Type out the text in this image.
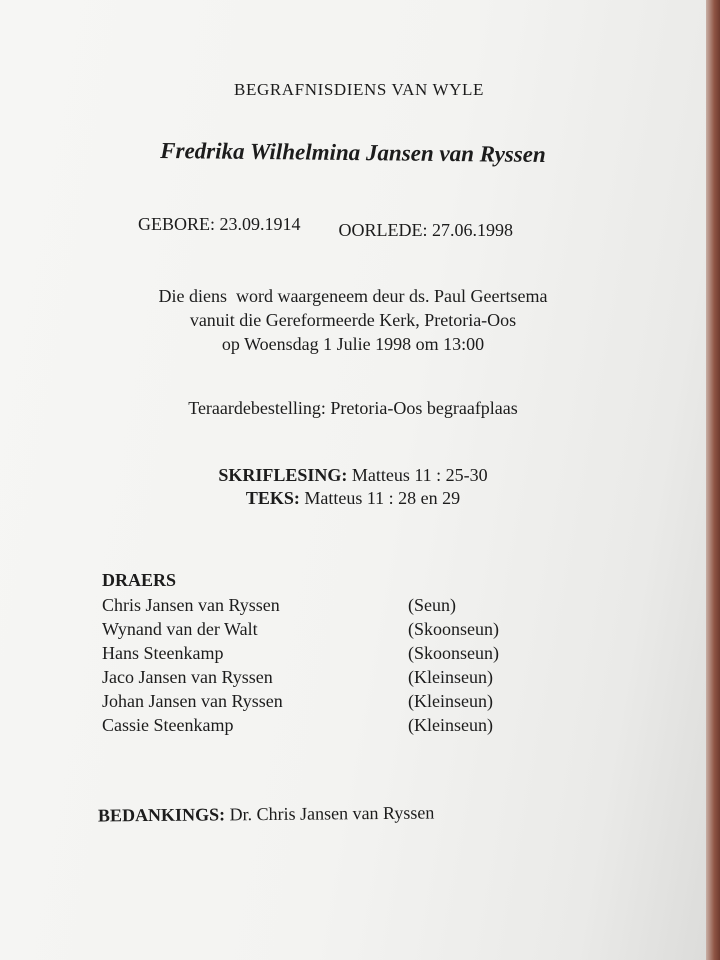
BEGRAFNISDIENS VAN WYLE
Fredrika Wilhelmina Jansen van Ryssen
GEBORE: 23.09.1914 OORLEDE: 27.06.1998
Die diens  word waargeneem deur ds. Paul Geertsema
vanuit die Gereformeerde Kerk, Pretoria-Oos
op Woensdag 1 Julie 1998 om 13:00
Teraardebestelling: Pretoria-Oos begraafplaas
SKRIFLESING: Matteus 11 : 25-30
TEKS: Matteus 11 : 28 en 29
DRAERS
Chris Jansen van Ryssen	(Seun)
Wynand van der Walt	(Skoonseun)
Hans Steenkamp	(Skoonseun)
Jaco Jansen van Ryssen	(Kleinseun)
Johan Jansen van Ryssen	(Kleinseun)
Cassie Steenkamp	(Kleinseun)
BEDANKINGS: Dr. Chris Jansen van Ryssen
